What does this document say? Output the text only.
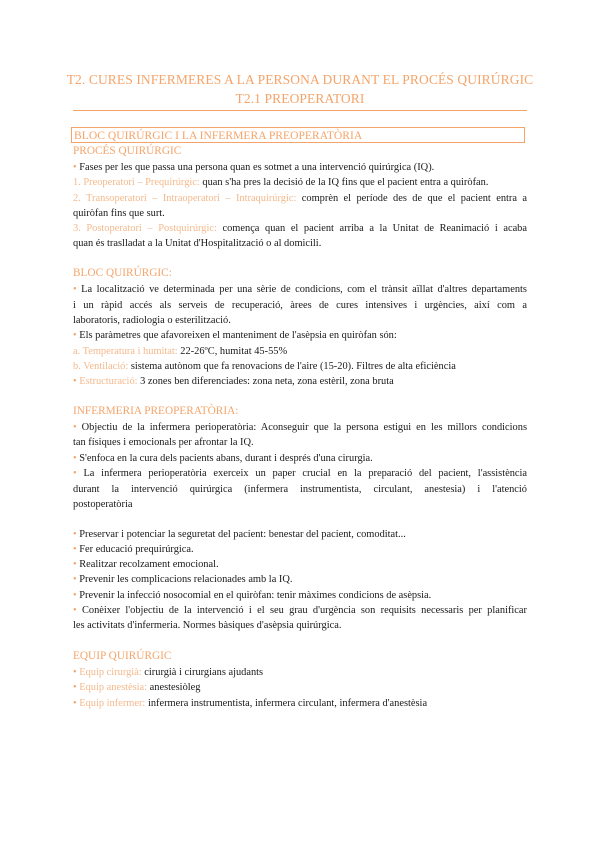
T2. CURES INFERMERES A LA PERSONA DURANT EL PROCÉS QUIRÚRGIC
T2.1 PREOPERATORI
BLOC QUIRÚRGIC I LA INFERMERA PREOPERATÒRIA
PROCÉS QUIRÚRGIC
• Fases per les que passa una persona quan es sotmet a una intervenció quirúrgica (IQ).
1. Preoperatori – Prequirúrgic: quan s'ha pres la decisió de la IQ fins que el pacient entra a quiròfan.
2. Transoperatori – Intraoperatori – Intraquirúrgic: comprèn el període des de que el pacient entra a
quiròfan fins que surt.
3. Postoperatori – Postquirúrgic: comença quan el pacient arriba a la Unitat de Reanimació i acaba
quan és traslladat a la Unitat d'Hospitalització o al domicili.
BLOC QUIRÚRGIC:
• La localització ve determinada per una sèrie de condicions, com el trànsit aïllat d'altres departaments
i un ràpid accés als serveis de recuperació, àrees de cures intensives i urgències, així com a
laboratoris, radiologia o esterilització.
• Els paràmetres que afavoreixen el manteniment de l'asèpsia en quiròfan són:
a. Temperatura i humitat: 22-26ºC, humitat 45-55%
b. Ventilació: sistema autònom que fa renovacions de l'aire (15-20). Filtres de alta eficiència
• Estructuració: 3 zones ben diferenciades: zona neta, zona estèril, zona bruta
INFERMERIA PREOPERATÒRIA:
• Objectiu de la infermera perioperatòria: Aconseguir que la persona estigui en les millors condicions
tan físiques i emocionals per afrontar la IQ.
• S'enfoca en la cura dels pacients abans, durant i després d'una cirurgia.
• La infermera perioperatòria exerceix un paper crucial en la preparació del pacient, l'assistència
durant la intervenció quirúrgica (infermera instrumentista, circulant, anestesia) i l'atenció
postoperatòria
• Preservar i potenciar la seguretat del pacient: benestar del pacient, comoditat...
• Fer educació prequirúrgica.
• Realitzar recolzament emocional.
• Prevenir les complicacions relacionades amb la IQ.
• Prevenir la infecció nosocomial en el quiròfan: tenir màximes condicions de asèpsia.
• Conèixer l'objectiu de la intervenció i el seu grau d'urgència son requisits necessaris per planificar
les activitats d'infermeria. Normes bàsiques d'asèpsia quirúrgica.
EQUIP QUIRÚRGIC
• Equip cirurgià: cirurgià i cirurgians ajudants
• Equip anestèsia: anestesiòleg
• Equip infermer: infermera instrumentista, infermera circulant, infermera d'anestèsia
